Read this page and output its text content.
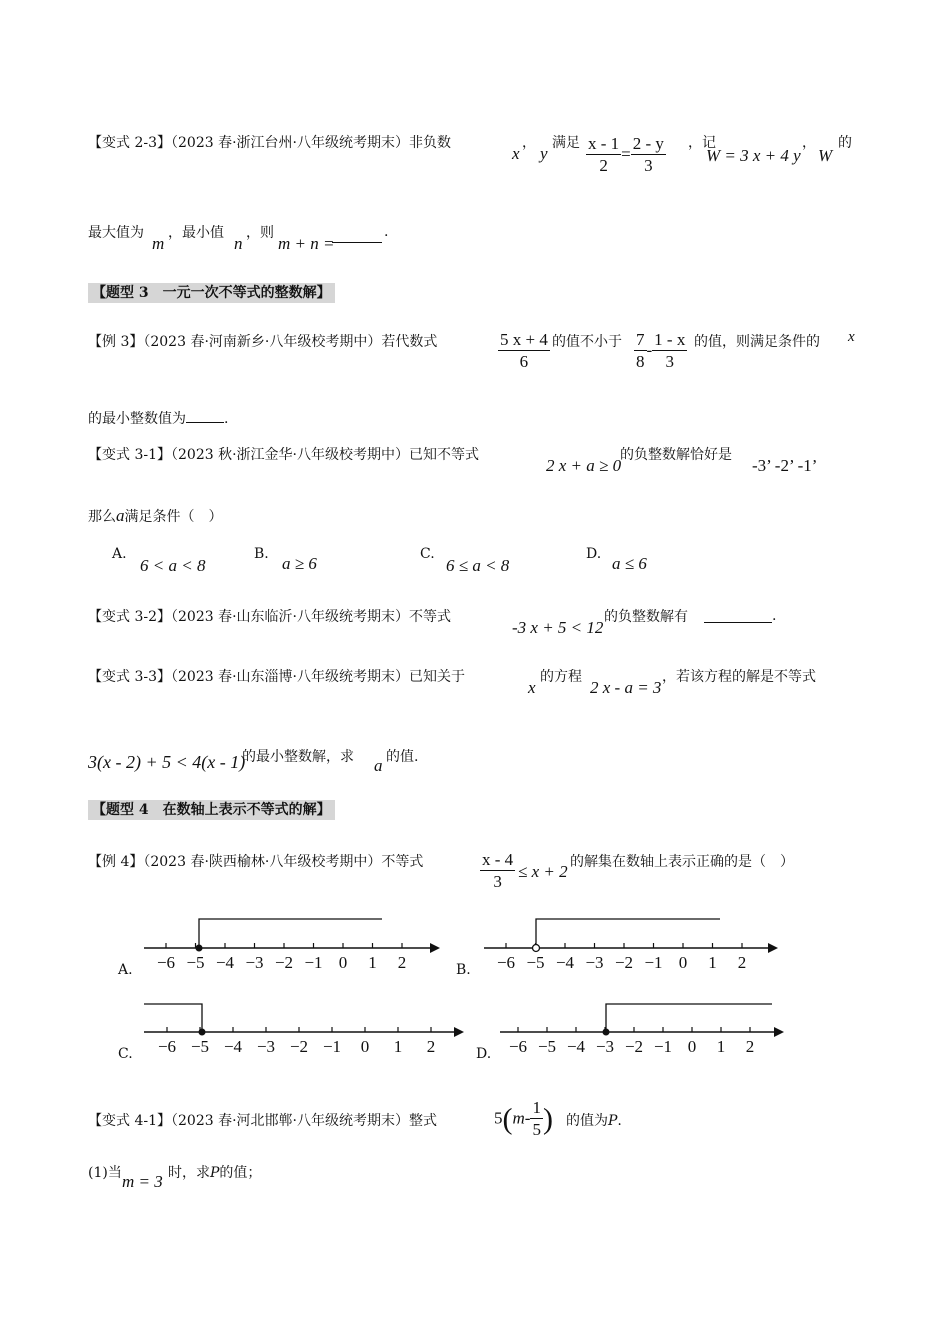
【变式 2-3】（2023 春·浙江台州·八年级统考期末）非负数
x
，
y
满足 $\frac{x - 1}{2} = \frac{2 - y}{3}$ ，记
W = 3 x + 4 y
，
W
的
最大值为
m
，最小值
n
，则
m + n =
.
【题型 3　一元一次不等式的整数解】
【例 3】（2023 春·河南新乡·八年级校考期中）若代数式	$\frac{5 x + 4}{6}$ 的值不小于 $\frac{7}{8} - \frac{1 - x}{3}$ 的值，则满足条件的 x
的最小整数值为	.
【变式 3-1】（2023 秋·浙江金华·八年级校考期中）已知不等式
2 x + a ≥ 0
的负整数解恰好是
-3’ -2’ -1’
那么a满足条件（　）
A.
6 < a < 8
B. a ≥ 6	C.
6 ≤ a < 8
D. a ≤ 6
【变式 3-2】（2023 春·山东临沂·八年级统考期末）不等式
-3 x + 5 < 12
的负整数解有	.
【变式 3-3】（2023 春·山东淄博·八年级统考期末）已知关于
x
的方程
2 x - a = 3
，若该方程的解是不等式
3(x - 2) + 5 < 4(x - 1)
的最小整数解，求 a 的值.
【题型 4　在数轴上表示不等式的解】
【例 4】（2023 春·陕西榆林·八年级校考期中）不等式	$\frac{x - 4}{3} \le x + 2$ 的解集在数轴上表示正确的是（　）
−6 −5 −4 −3 −2 −1 0 1 2
A.	−6 −5 −4 −3 −2 −1 0 1 2
B.
−6 −5 −4 −3 −2 −1 0 1 2
C.	−6 −5 −4 −3 −2 −1 0 1 2
D.
【变式 4-1】（2023 春·河北邯郸·八年级统考期末）整式	$5(m- \frac{1}{5}$ ) 的值为P.
(1)当 m = 3 时，求P的值；
